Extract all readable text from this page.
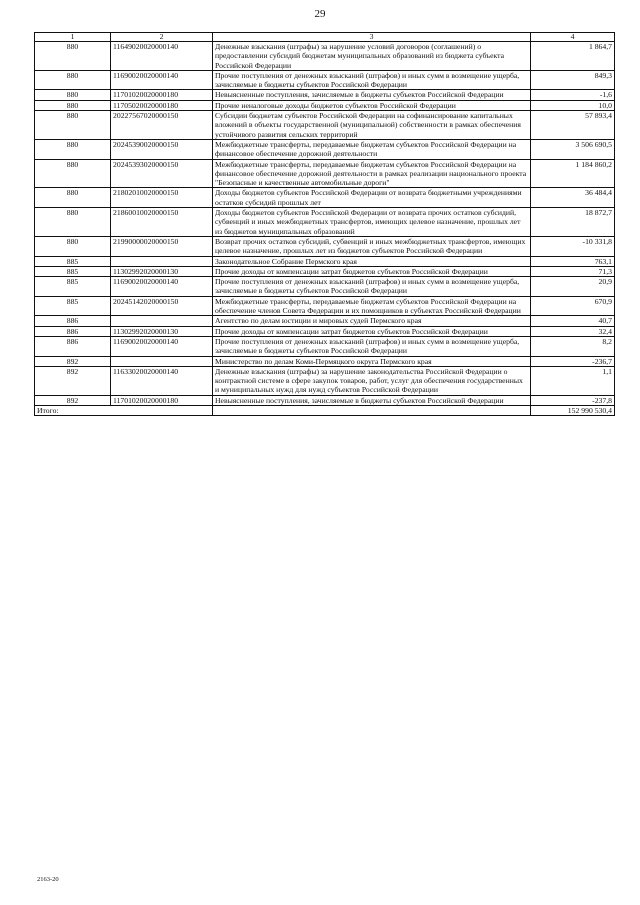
29
1	2	3	4
880	11649020020000140	Денежные взыскания (штрафы) за нарушение условий договоров (соглашений) о предоставлении субсидий бюджетам муниципальных образований из бюджета субъекта Российской Федерации	1 864,7
880	11690020020000140	Прочие поступления от денежных взысканий (штрафов) и иных сумм в возмещение ущерба, зачисляемые в бюджеты субъектов Российской Федерации	849,3
880	11701020020000180	Невыясненные поступления, зачисляемые в бюджеты субъектов Российской Федерации	-1,6
880	11705020020000180	Прочие неналоговые доходы бюджетов субъектов Российской Федерации	10,0
880	20227567020000150	Субсидии бюджетам субъектов Российской Федерации на софинансирование капитальных вложений в объекты государственной (муниципальной) собственности в рамках обеспечения устойчивого развития сельских территорий	57 893,4
880	20245390020000150	Межбюджетные трансферты, передаваемые бюджетам субъектов Российской Федерации на финансовое обеспечение дорожной деятельности	3 506 690,5
880	20245393020000150	Межбюджетные трансферты, передаваемые бюджетам субъектов Российской Федерации на финансовое обеспечение дорожной деятельности в рамках реализации национального проекта "Безопасные и качественные автомобильные дороги"	1 184 860,2
880	21802010020000150	Доходы бюджетов субъектов Российской Федерации от возврата бюджетными учреждениями остатков субсидий прошлых лет	36 484,4
880	21860010020000150	Доходы бюджетов субъектов Российской Федерации от возврата прочих остатков субсидий, субвенций и иных межбюджетных трансфертов, имеющих целевое назначение, прошлых лет из бюджетов муниципальных образований	18 872,7
880	21990000020000150	Возврат прочих остатков субсидий, субвенций и иных межбюджетных трансфертов, имеющих целевое назначение, прошлых лет из бюджетов субъектов Российской Федерации	-10 331,8
885		Законодательное Собрание Пермского края	763,1
885	11302992020000130	Прочие доходы от компенсации затрат бюджетов субъектов Российской Федерации	71,3
885	11690020020000140	Прочие поступления от денежных взысканий (штрафов) и иных сумм в возмещение ущерба, зачисляемые в бюджеты субъектов Российской Федерации	20,9
885	20245142020000150	Межбюджетные трансферты, передаваемые бюджетам субъектов Российской Федерации на обеспечение членов Совета Федерации и их помощников в субъектах Российской Федерации	670,9
886		Агентство по делам юстиции и мировых судей Пермского края	40,7
886	11302992020000130	Прочие доходы от компенсации затрат бюджетов субъектов Российской Федерации	32,4
886	11690020020000140	Прочие поступления от денежных взысканий (штрафов) и иных сумм в возмещение ущерба, зачисляемые в бюджеты субъектов Российской Федерации	8,2
892		Министерство по делам Коми-Пермяцкого округа Пермского края	-236,7
892	11633020020000140	Денежные взыскания (штрафы) за нарушение законодательства Российской Федерации о контрактной системе в сфере закупок товаров, работ, услуг для обеспечения государственных и муниципальных нужд для нужд субъектов Российской Федерации	1,1
892	11701020020000180	Невыясненные поступления, зачисляемые в бюджеты субъектов Российской Федерации	-237,8
Итого:			152 990 530,4
2163-20
